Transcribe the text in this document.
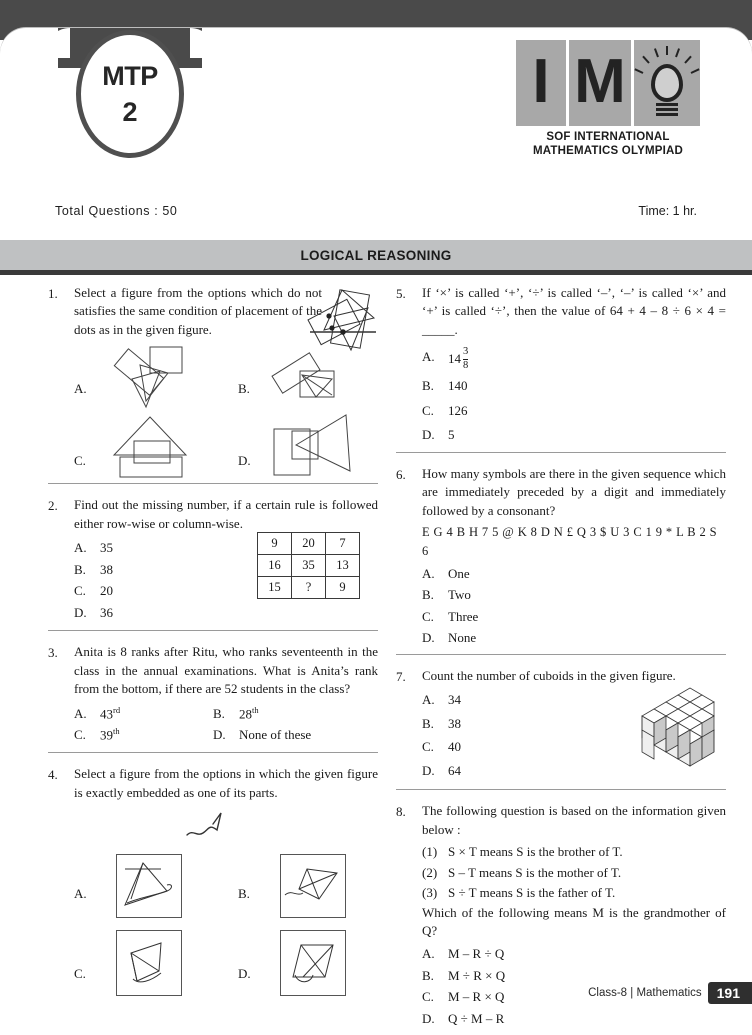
MTP
2	I M
SOF INTERNATIONAL
MATHEMATICS OLYMPIAD
Total Questions : 50	Time: 1 hr.
LOGICAL REASONING
1.	Select a figure from the options which do not satisfies the same condition of placement of the dots as in the given figure.
A.	B.
C.	D.
2.	Find out the missing number, if a certain rule is followed either row-wise or column-wise.
A.	35
B.	38
C.	20
D.	36
9	20	7
16	35	13
15	?	9
3.	Anita is 8 ranks after Ritu, who ranks seventeenth in the class in the annual examinations. What is Anita’s rank from the bottom, if there are 52 students in the class?
A.	43rd	B.	28th
C.	39th	D.	None of these
4.	Select a figure from the options in which the given figure is exactly embedded as one of its parts.
A.	B.
C.	D.
5.	If ‘×’ is called ‘+’, ‘÷’ is called ‘–’, ‘–’ is called ‘×’ and ‘+’ is called ‘÷’, then the value of 64 + 4 – 8 ÷ 6 × 4 = _____.
A.	$14 \frac{3}{8}$
B.	140
C.	126
D.	5
6.	How many symbols are there in the given sequence which are immediately preceded by a digit and immediately followed by a consonant?
E G 4 B H 7 5 @ K 8 D N £ Q 3 $ U 3 C 1 9 * L B 2 S 6
A.	One
B.	Two
C.	Three
D.	None
7.	Count the number of cuboids in the given figure.
A.	34
B.	38
C.	40
D.	64
8.	The following question is based on the information given below :
(1) S × T means S is the brother of T.
(2) S – T means S is the mother of T.
(3) S ÷ T means S is the father of T.
Which of the following means M is the grandmother of Q?
A.	M – R ÷ Q
B.	M ÷ R × Q
C.	M – R × Q
D.	Q ÷ M – R
Class-8 | Mathematics	191
